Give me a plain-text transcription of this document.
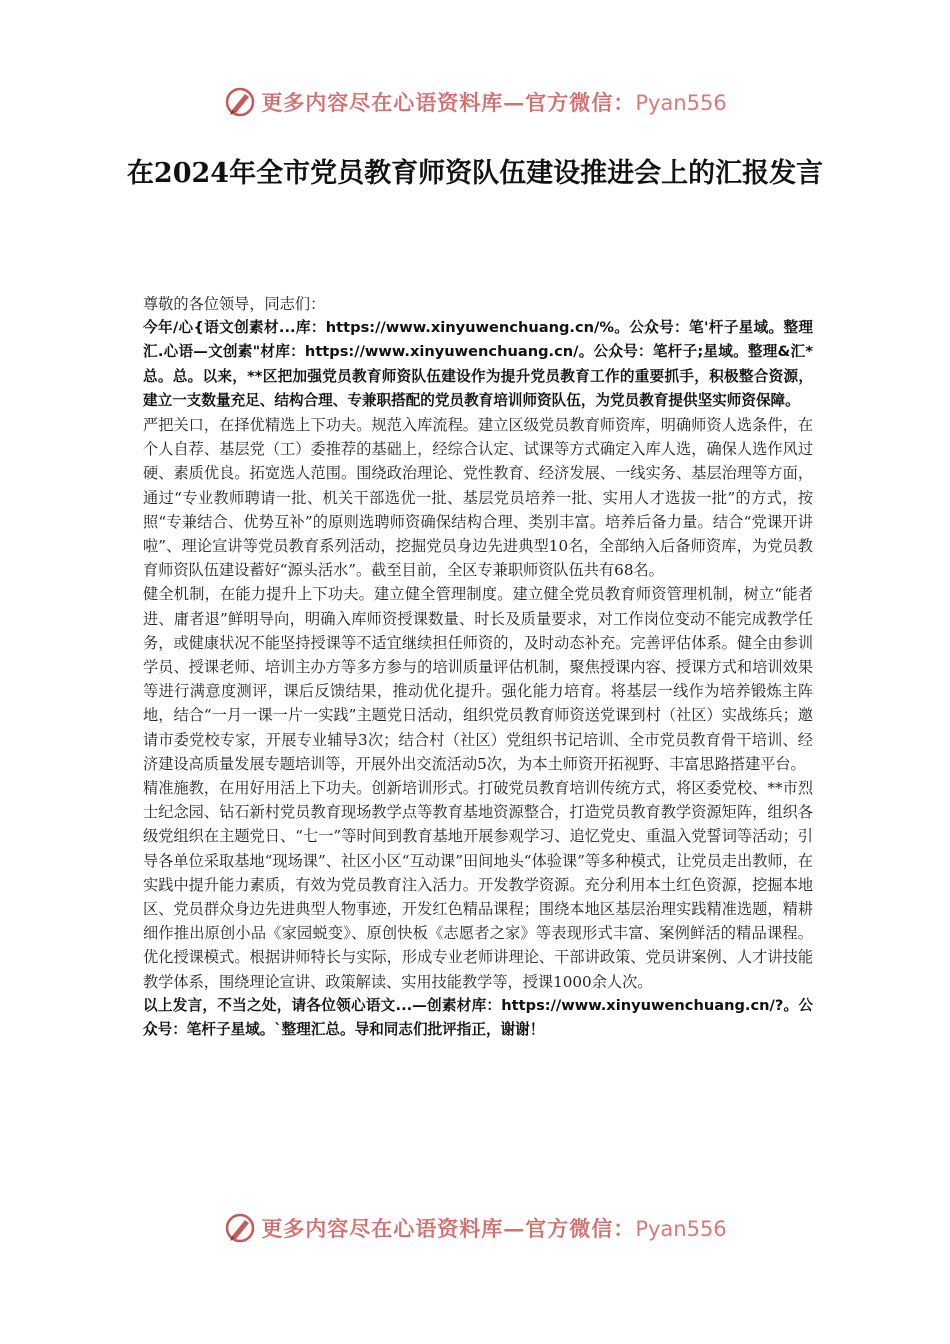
更多内容尽在心语资料库—官方微信：Pyan556
在2024年全市党员教育师资队伍建设推进会上的汇报发言

尊敬的各位领导，同志们：

今年/心{语文创素材...库：https://www.xinyuwenchuang.cn/%。公众号：笔'杆子星域。整理汇.心语—文创素"材库：https://www.xinyuwenchuang.cn/。公众号：笔杆子;星域。整理&汇*总。总。以来，**区把加强党员教育师资队伍建设作为提升党员教育工作的重要抓手，积极整合资源，建立一支数量充足、结构合理、专兼职搭配的党员教育培训师资队伍，为党员教育提供坚实师资保障。

严把关口，在择优精选上下功夫。规范入库流程。建立区级党员教育师资库，明确师资人选条件，在个人自荐、基层党（工）委推荐的基础上，经综合认定、试课等方式确定入库人选，确保人选作风过硬、素质优良。拓宽选人范围。围绕政治理论、党性教育、经济发展、一线实务、基层治理等方面，通过“专业教师聘请一批、机关干部选优一批、基层党员培养一批、实用人才选拔一批”的方式，按照“专兼结合、优势互补”的原则选聘师资确保结构合理、类别丰富。培养后备力量。结合“党课开讲啦”、理论宣讲等党员教育系列活动，挖掘党员身边先进典型10名，全部纳入后备师资库，为党员教育师资队伍建设蓄好“源头活水”。截至目前，全区专兼职师资队伍共有68名。

健全机制，在能力提升上下功夫。建立健全管理制度。建立健全党员教育师资管理机制，树立“能者进、庸者退”鲜明导向，明确入库师资授课数量、时长及质量要求，对工作岗位变动不能完成教学任务，或健康状况不能坚持授课等不适宜继续担任师资的，及时动态补充。完善评估体系。健全由参训学员、授课老师、培训主办方等多方参与的培训质量评估机制，聚焦授课内容、授课方式和培训效果等进行满意度测评，课后反馈结果，推动优化提升。强化能力培育。将基层一线作为培养锻炼主阵地，结合“一月一课一片一实践”主题党日活动，组织党员教育师资送党课到村（社区）实战练兵；邀请市委党校专家，开展专业辅导3次；结合村（社区）党组织书记培训、全市党员教育骨干培训、经济建设高质量发展专题培训等，开展外出交流活动5次，为本土师资开拓视野、丰富思路搭建平台。

精准施教，在用好用活上下功夫。创新培训形式。打破党员教育培训传统方式，将区委党校、**市烈士纪念园、钻石新村党员教育现场教学点等教育基地资源整合，打造党员教育教学资源矩阵，组织各级党组织在主题党日、“七一”等时间到教育基地开展参观学习、追忆党史、重温入党誓词等活动；引导各单位采取基地“现场课”、社区小区“互动课”田间地头“体验课”等多种模式，让党员走出教师，在实践中提升能力素质，有效为党员教育注入活力。开发教学资源。充分利用本土红色资源，挖掘本地区、党员群众身边先进典型人物事迹，开发红色精品课程；围绕本地区基层治理实践精准选题，精耕细作推出原创小品《家园蜕变》、原创快板《志愿者之家》等表现形式丰富、案例鲜活的精品课程。优化授课模式。根据讲师特长与实际，形成专业老师讲理论、干部讲政策、党员讲案例、人才讲技能教学体系，围绕理论宣讲、政策解读、实用技能教学等，授课1000余人次。

以上发言，不当之处，请各位领心语文...—创素材库：https://www.xinyuwenchuang.cn/?。公众号：笔杆子星域。`整理汇总。导和同志们批评指正，谢谢！

更多内容尽在心语资料库—官方微信：Pyan556
